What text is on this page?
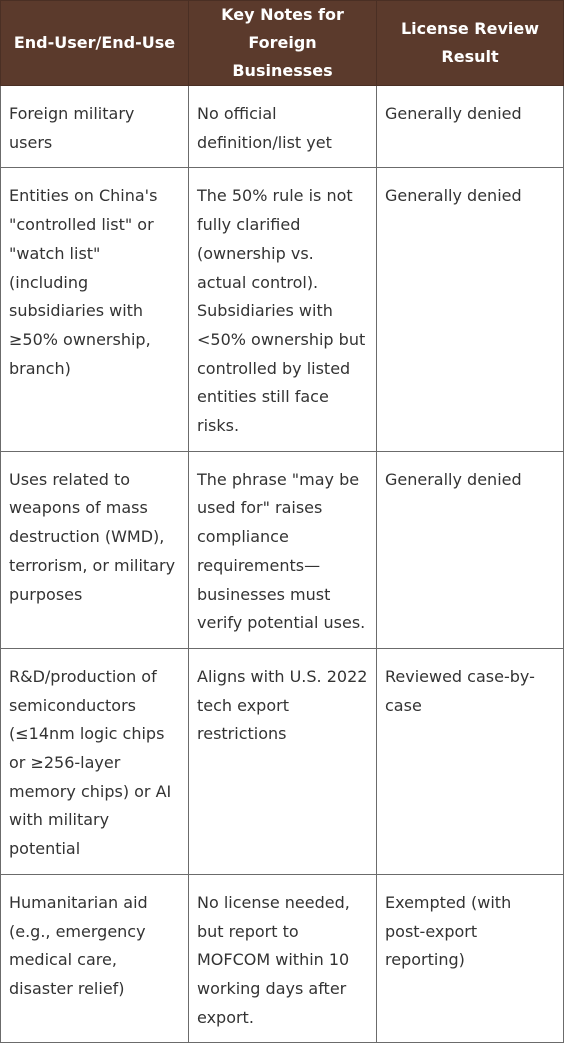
End-User/End-Use	Key Notes for Foreign Businesses	License Review Result
Foreign military users	No official definition/list yet	Generally denied
Entities on China's "controlled list" or "watch list" (including subsidiaries with ≥50% ownership, branch)	The 50% rule is not fully clarified (ownership vs. actual control). Subsidiaries with <50% ownership but controlled by listed entities still face risks.	Generally denied
Uses related to weapons of mass destruction (WMD), terrorism, or military purposes	The phrase "may be used for" raises compliance requirements—businesses must verify potential uses.	Generally denied
R&D/production of semiconductors (≤14nm logic chips or ≥256-layer memory chips) or AI with military potential	Aligns with U.S. 2022 tech export restrictions	Reviewed case-by-case
Humanitarian aid (e.g., emergency medical care, disaster relief)	No license needed, but report to MOFCOM within 10 working days after export.	Exempted (with post-export reporting)
